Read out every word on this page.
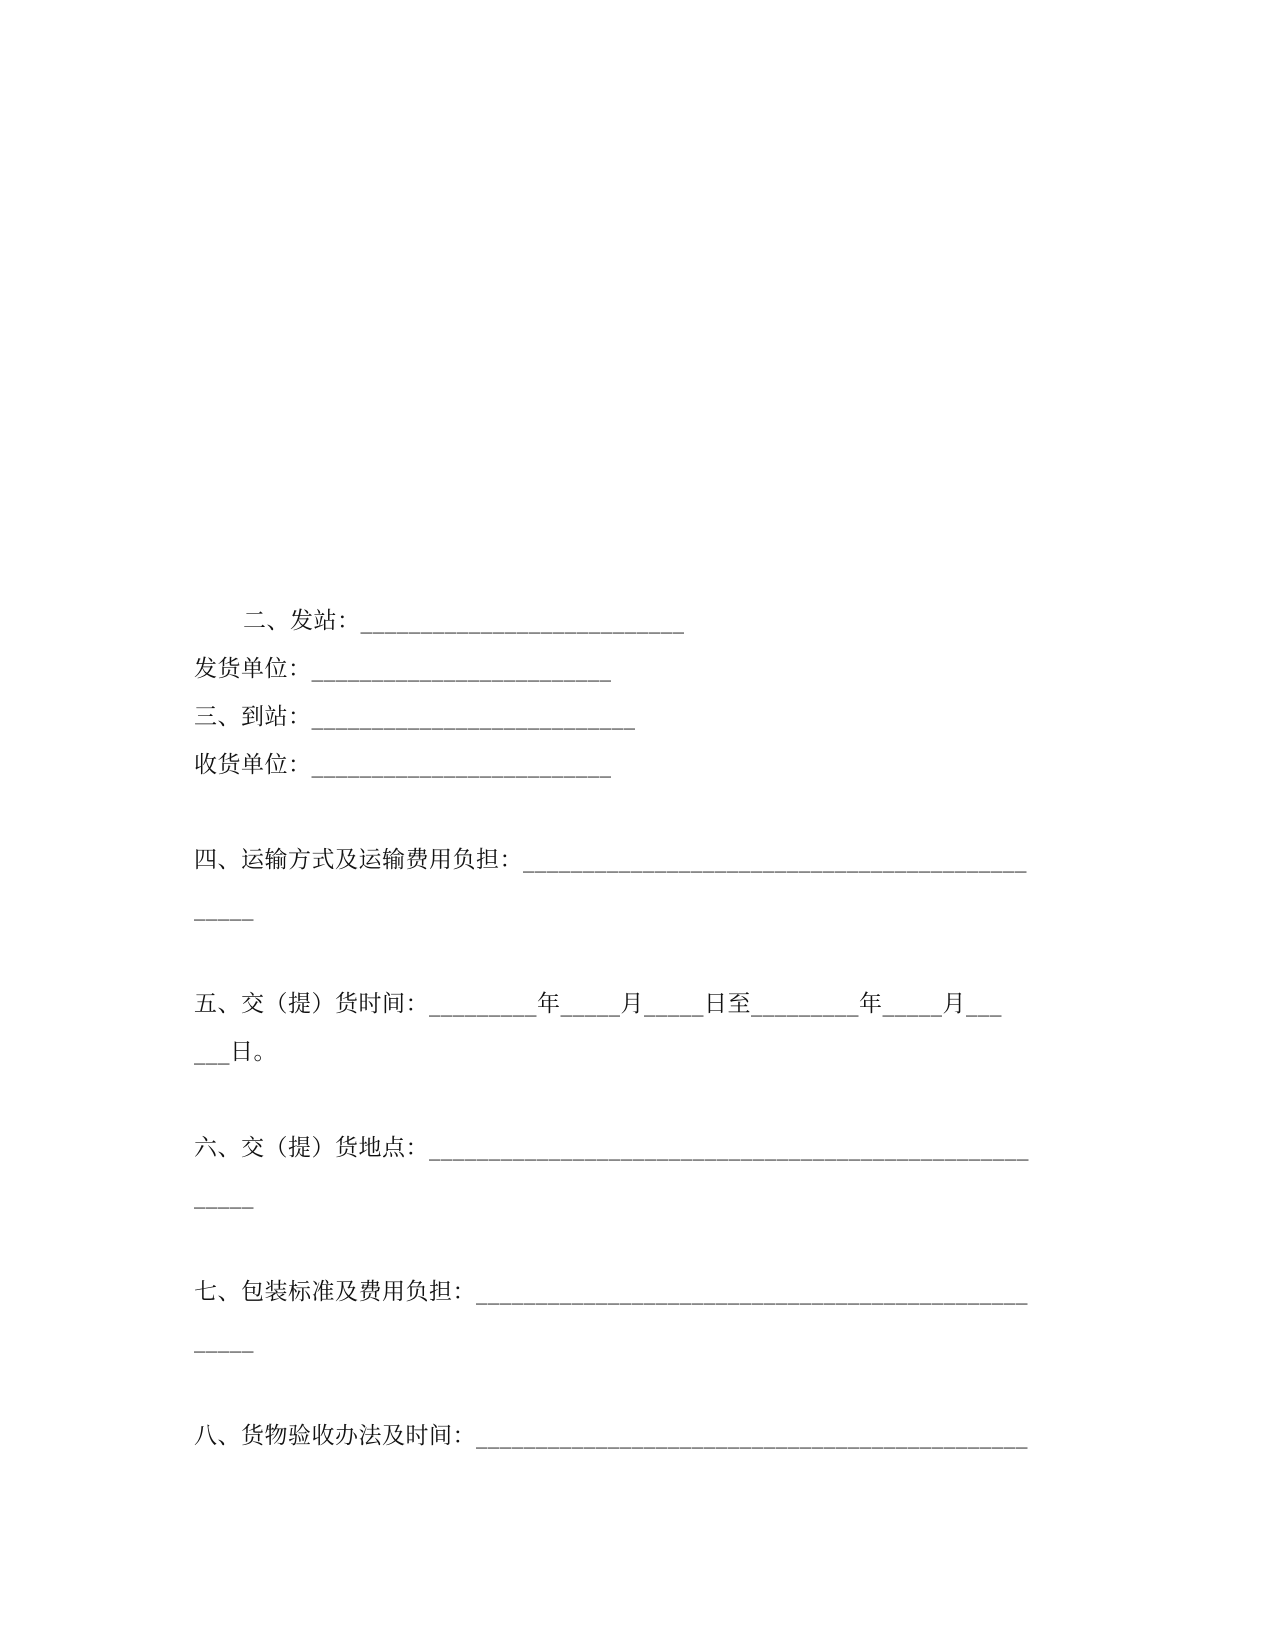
二、发站：___________________________
发货单位：_________________________
三、到站：___________________________
收货单位：_________________________
四、运输方式及运输费用负担：__________________________________________
_____
五、交（提）货时间：_________年_____月_____日至_________年_____月___
___日。
六、交（提）货地点：__________________________________________________
_____
七、包装标准及费用负担：______________________________________________
_____
八、货物验收办法及时间：______________________________________________
